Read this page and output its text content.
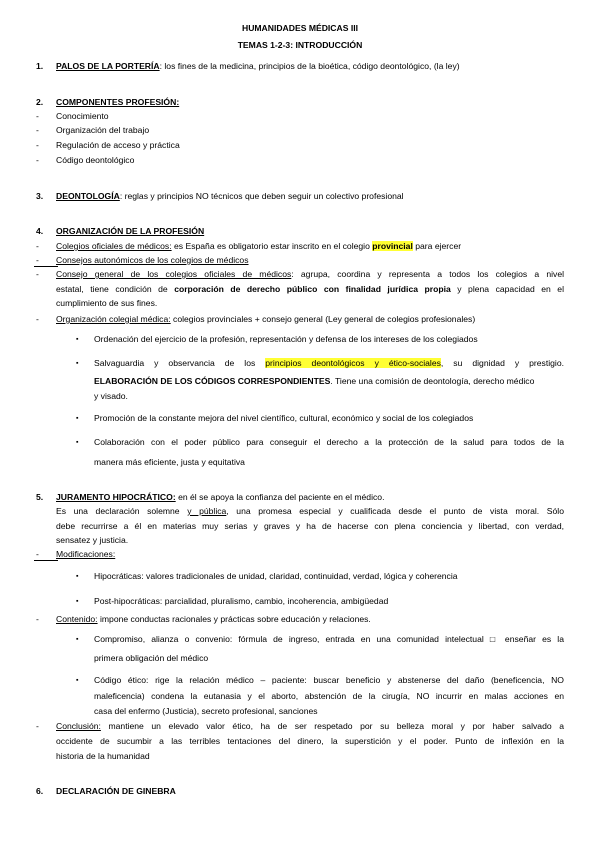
HUMANIDADES MÉDICAS III
TEMAS 1-2-3: INTRODUCCIÓN
1. PALOS DE LA PORTERÍA: los fines de la medicina, principios de la bioética, código deontológico, (la ley)
2. COMPONENTES PROFESIÓN:
- Conocimiento
- Organización del trabajo
- Regulación de acceso y práctica
- Código deontológico
3. DEONTOLOGÍA: reglas y principios NO técnicos que deben seguir un colectivo profesional
4. ORGANIZACIÓN DE LA PROFESIÓN
- Colegios oficiales de médicos: es España es obligatorio estar inscrito en el colegio provincial para ejercer
- Consejos autonómicos de los colegios de médicos
- Consejo general de los colegios oficiales de médicos: agrupa, coordina y representa a todos los colegios a nivel
estatal, tiene condición de corporación de derecho público con finalidad jurídica propia y plena capacidad en el
cumplimiento de sus fines.
- Organización colegial médica: colegios provinciales + consejo general (Ley general de colegios profesionales)
▪ Ordenación del ejercicio de la profesión, representación y defensa de los intereses de los colegiados
▪ Salvaguardia y observancia de los principios deontológicos y ético-sociales, su dignidad y prestigio.
ELABORACIÓN DE LOS CÓDIGOS CORRESPONDIENTES. Tiene una comisión de deontología, derecho médico
y visado.
▪ Promoción de la constante mejora del nivel científico, cultural, económico y social de los colegiados
▪ Colaboración con el poder público para conseguir el derecho a la protección de la salud para todos de la
manera más eficiente, justa y equitativa
5. JURAMENTO HIPOCRÁTICO: en él se apoya la confianza del paciente en el médico.
Es una declaración solemne y pública, una promesa especial y cualificada desde el punto de vista moral. Sólo
debe recurrirse a él en materias muy serias y graves y ha de hacerse con plena conciencia y libertad, con verdad,
sensatez y justicia.
- Modificaciones:
▪ Hipocráticas: valores tradicionales de unidad, claridad, continuidad, verdad, lógica y coherencia
▪ Post-hipocráticas: parcialidad, pluralismo, cambio, incoherencia, ambigüedad
- Contenido: impone conductas racionales y prácticas sobre educación y relaciones.
▪ Compromiso, alianza o convenio: fórmula de ingreso, entrada en una comunidad intelectual □ enseñar es la
primera obligación del médico
▪ Código ético: rige la relación médico – paciente: buscar beneficio y abstenerse del daño (beneficencia, NO
maleficencia) condena la eutanasia y el aborto, abstención de la cirugía, NO incurrir en malas acciones en
casa del enfermo (Justicia), secreto profesional, sanciones
- Conclusión: mantiene un elevado valor ético, ha de ser respetado por su belleza moral y por haber salvado a
occidente de sucumbir a las terribles tentaciones del dinero, la superstición y el poder. Punto de inflexión en la
historia de la humanidad
6. DECLARACIÓN DE GINEBRA
